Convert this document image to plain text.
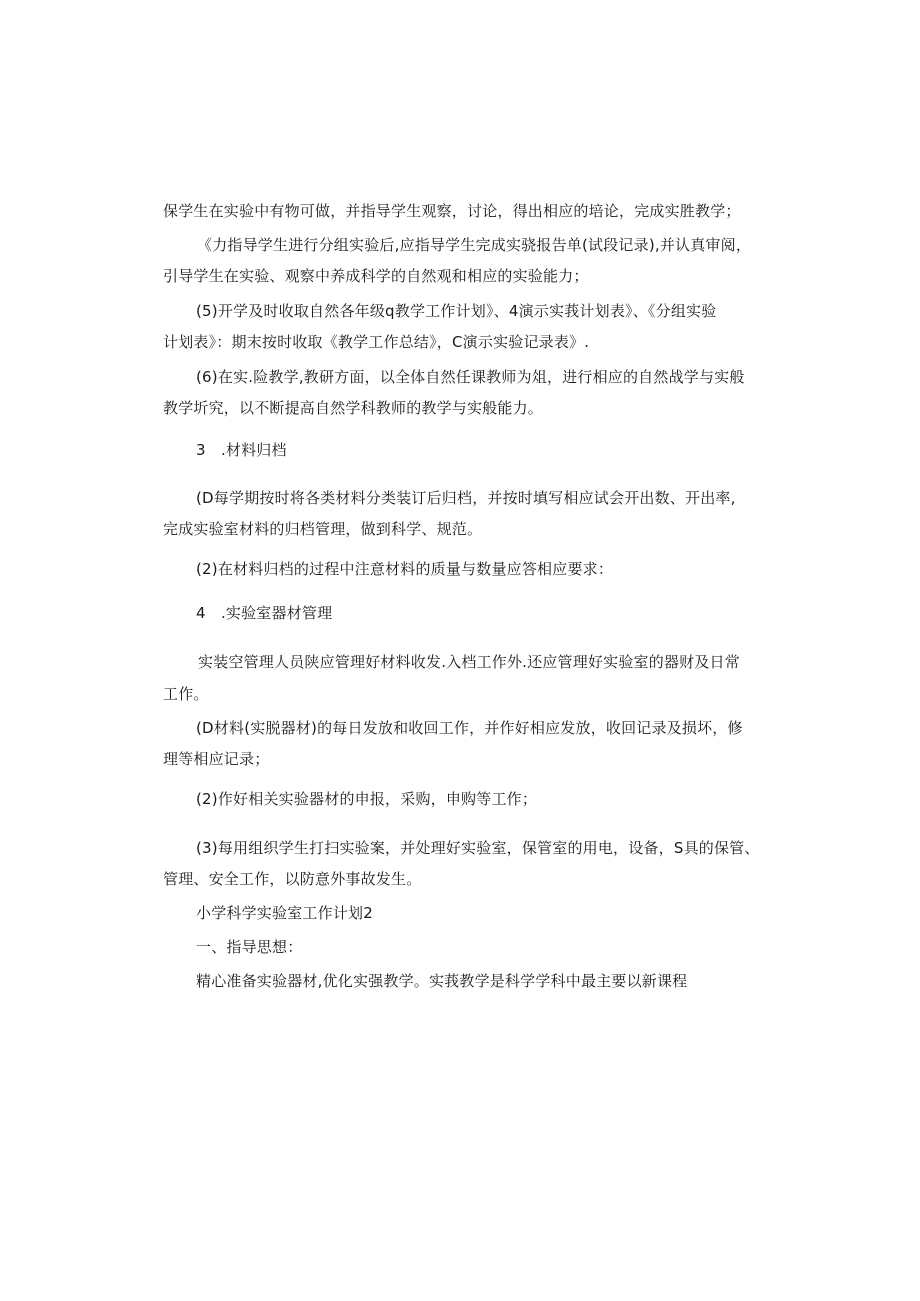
保学生在实验中有物可做，并指导学生观察，讨论，得出相应的培论，完成实胜教学；
《力指导学生进行分组实验后,应指导学生完成实骁报告单(试段记录),并认真审阅，
引导学生在实验、观察中养成科学的自然观和相应的实验能力；
(5)开学及时收取自然各年级q教学工作计划》、4演示实莪计划表》、《分组实验
计划表》：期末按时收取《教学工作总结》，C演示实验记录表》.
(6)在实.险教学,教研方面，以全体自然任课教师为俎，进行相应的自然战学与实般
教学圻究，以不断提高自然学科教师的教学与实般能力。
3　.材料归档
(D每学期按时将各类材料分类装订后归档，并按时填写相应试会开出数、开出率,
完成实验室材料的归档管理，做到科学、规范。
(2)在材料归档的过程中注意材料的质量与数量应答相应要求：
4　.实验室器材管理
实装空管理人员陕应管理好材料收发.入档工作外.还应管理好实验室的器财及日常
工作。
(D材料(实脱器材)的每日发放和收回工作，并作好相应发放，收回记录及损坏，修
理等相应记录；
(2)作好相关实验器材的申报，采购，申购等工作；
(3)每用组织学生打扫实验案，并处理好实验室，保管室的用电，设备，S具的保管、
管理、安全工作，以防意外事故发生。
小学科学实验室工作计划2
一、指导思想：
精心准备实验器材,优化实强教学。实莪教学是科学学科中最主要以新课程
